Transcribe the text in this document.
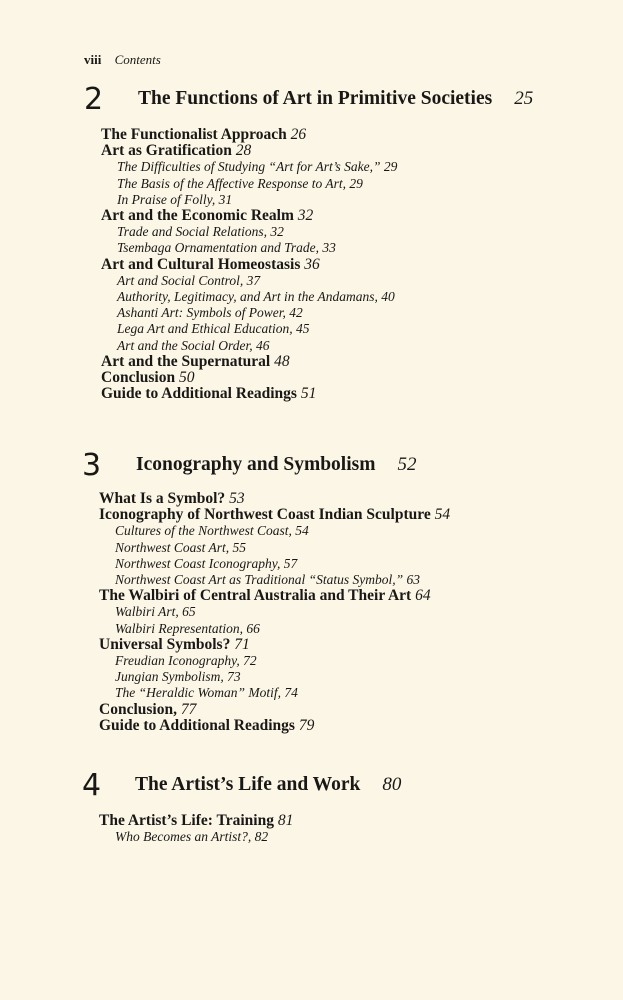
viii Contents
2 The Functions of Art in Primitive Societies 25
The Functionalist Approach 26
Art as Gratification 28
The Difficulties of Studying “Art for Art’s Sake,” 29
The Basis of the Affective Response to Art, 29
In Praise of Folly, 31
Art and the Economic Realm 32
Trade and Social Relations, 32
Tsembaga Ornamentation and Trade, 33
Art and Cultural Homeostasis 36
Art and Social Control, 37
Authority, Legitimacy, and Art in the Andamans, 40
Ashanti Art: Symbols of Power, 42
Lega Art and Ethical Education, 45
Art and the Social Order, 46
Art and the Supernatural 48
Conclusion 50
Guide to Additional Readings 51
3 Iconography and Symbolism 52
What Is a Symbol? 53
Iconography of Northwest Coast Indian Sculpture 54
Cultures of the Northwest Coast, 54
Northwest Coast Art, 55
Northwest Coast Iconography, 57
Northwest Coast Art as Traditional “Status Symbol,” 63
The Walbiri of Central Australia and Their Art 64
Walbiri Art, 65
Walbiri Representation, 66
Universal Symbols? 71
Freudian Iconography, 72
Jungian Symbolism, 73
The “Heraldic Woman” Motif, 74
Conclusion, 77
Guide to Additional Readings 79
4 The Artist’s Life and Work 80
The Artist’s Life: Training 81
Who Becomes an Artist?, 82
